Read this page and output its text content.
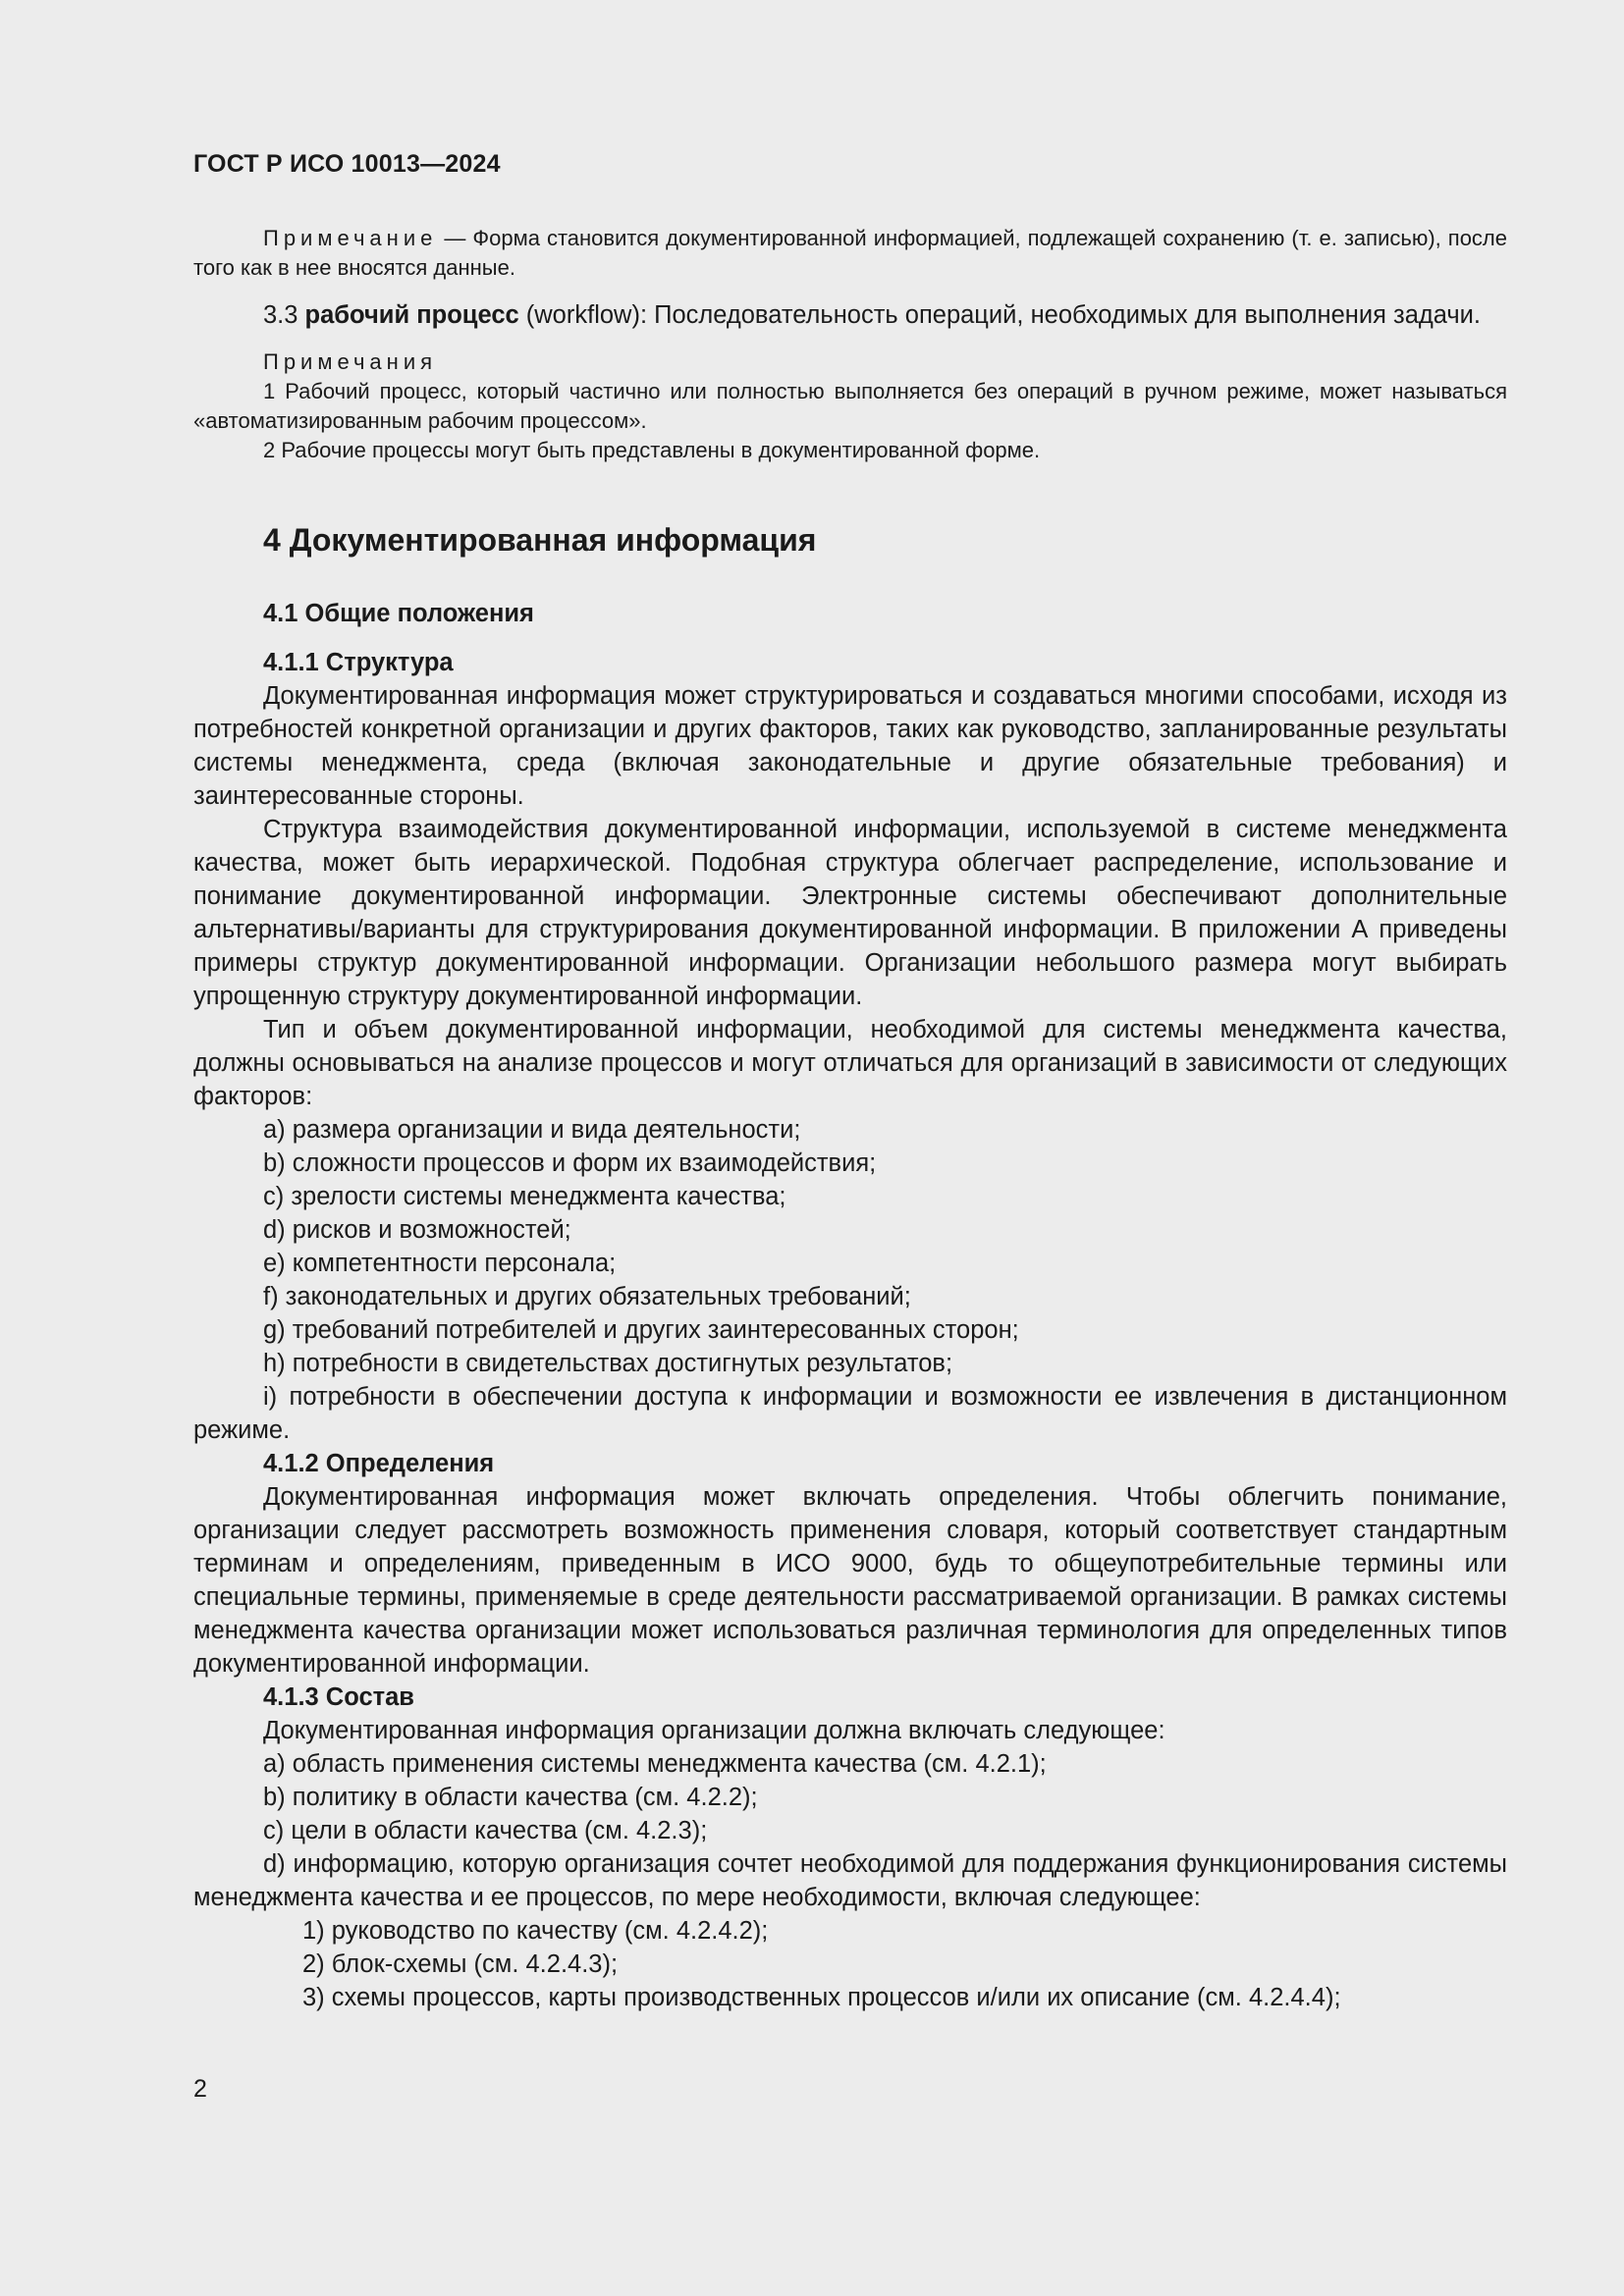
ГОСТ Р ИСО 10013—2024

Примечание — Форма становится документированной информацией, подлежащей сохранению (т. е. записью), после того как в нее вносятся данные.

3.3 рабочий процесс (workflow): Последовательность операций, необходимых для выполнения задачи.

Примечания

1 Рабочий процесс, который частично или полностью выполняется без операций в ручном режиме, может называться «автоматизированным рабочим процессом».

2 Рабочие процессы могут быть представлены в документированной форме.

4 Документированная информация
4.1 Общие положения
4.1.1 Структура

Документированная информация может структурироваться и создаваться многими способами, исходя из потребностей конкретной организации и других факторов, таких как руководство, запланированные результаты системы менеджмента, среда (включая законодательные и другие обязательные требования) и заинтересованные стороны.

Структура взаимодействия документированной информации, используемой в системе менеджмента качества, может быть иерархической. Подобная структура облегчает распределение, использование и понимание документированной информации. Электронные системы обеспечивают дополнительные альтернативы/варианты для структурирования документированной информации. В приложении А приведены примеры структур документированной информации. Организации небольшого размера могут выбирать упрощенную структуру документированной информации.

Тип и объем документированной информации, необходимой для системы менеджмента качества, должны основываться на анализе процессов и могут отличаться для организаций в зависимости от следующих факторов:

a) размера организации и вида деятельности;

b) сложности процессов и форм их взаимодействия;

c) зрелости системы менеджмента качества;

d) рисков и возможностей;

e) компетентности персонала;

f) законодательных и других обязательных требований;

g) требований потребителей и других заинтересованных сторон;

h) потребности в свидетельствах достигнутых результатов;

i) потребности в обеспечении доступа к информации и возможности ее извлечения в дистанционном режиме.

4.1.2 Определения

Документированная информация может включать определения. Чтобы облегчить понимание, организации следует рассмотреть возможность применения словаря, который соответствует стандартным терминам и определениям, приведенным в ИСО 9000, будь то общеупотребительные термины или специальные термины, применяемые в среде деятельности рассматриваемой организации. В рамках системы менеджмента качества организации может использоваться различная терминология для определенных типов документированной информации.

4.1.3 Состав

Документированная информация организации должна включать следующее:

a) область применения системы менеджмента качества (см. 4.2.1);

b) политику в области качества (см. 4.2.2);

c) цели в области качества (см. 4.2.3);

d) информацию, которую организация сочтет необходимой для поддержания функционирования системы менеджмента качества и ее процессов, по мере необходимости, включая следующее:

1) руководство по качеству (см. 4.2.4.2);

2) блок-схемы (см. 4.2.4.3);

3) схемы процессов, карты производственных процессов и/или их описание (см. 4.2.4.4);

2
